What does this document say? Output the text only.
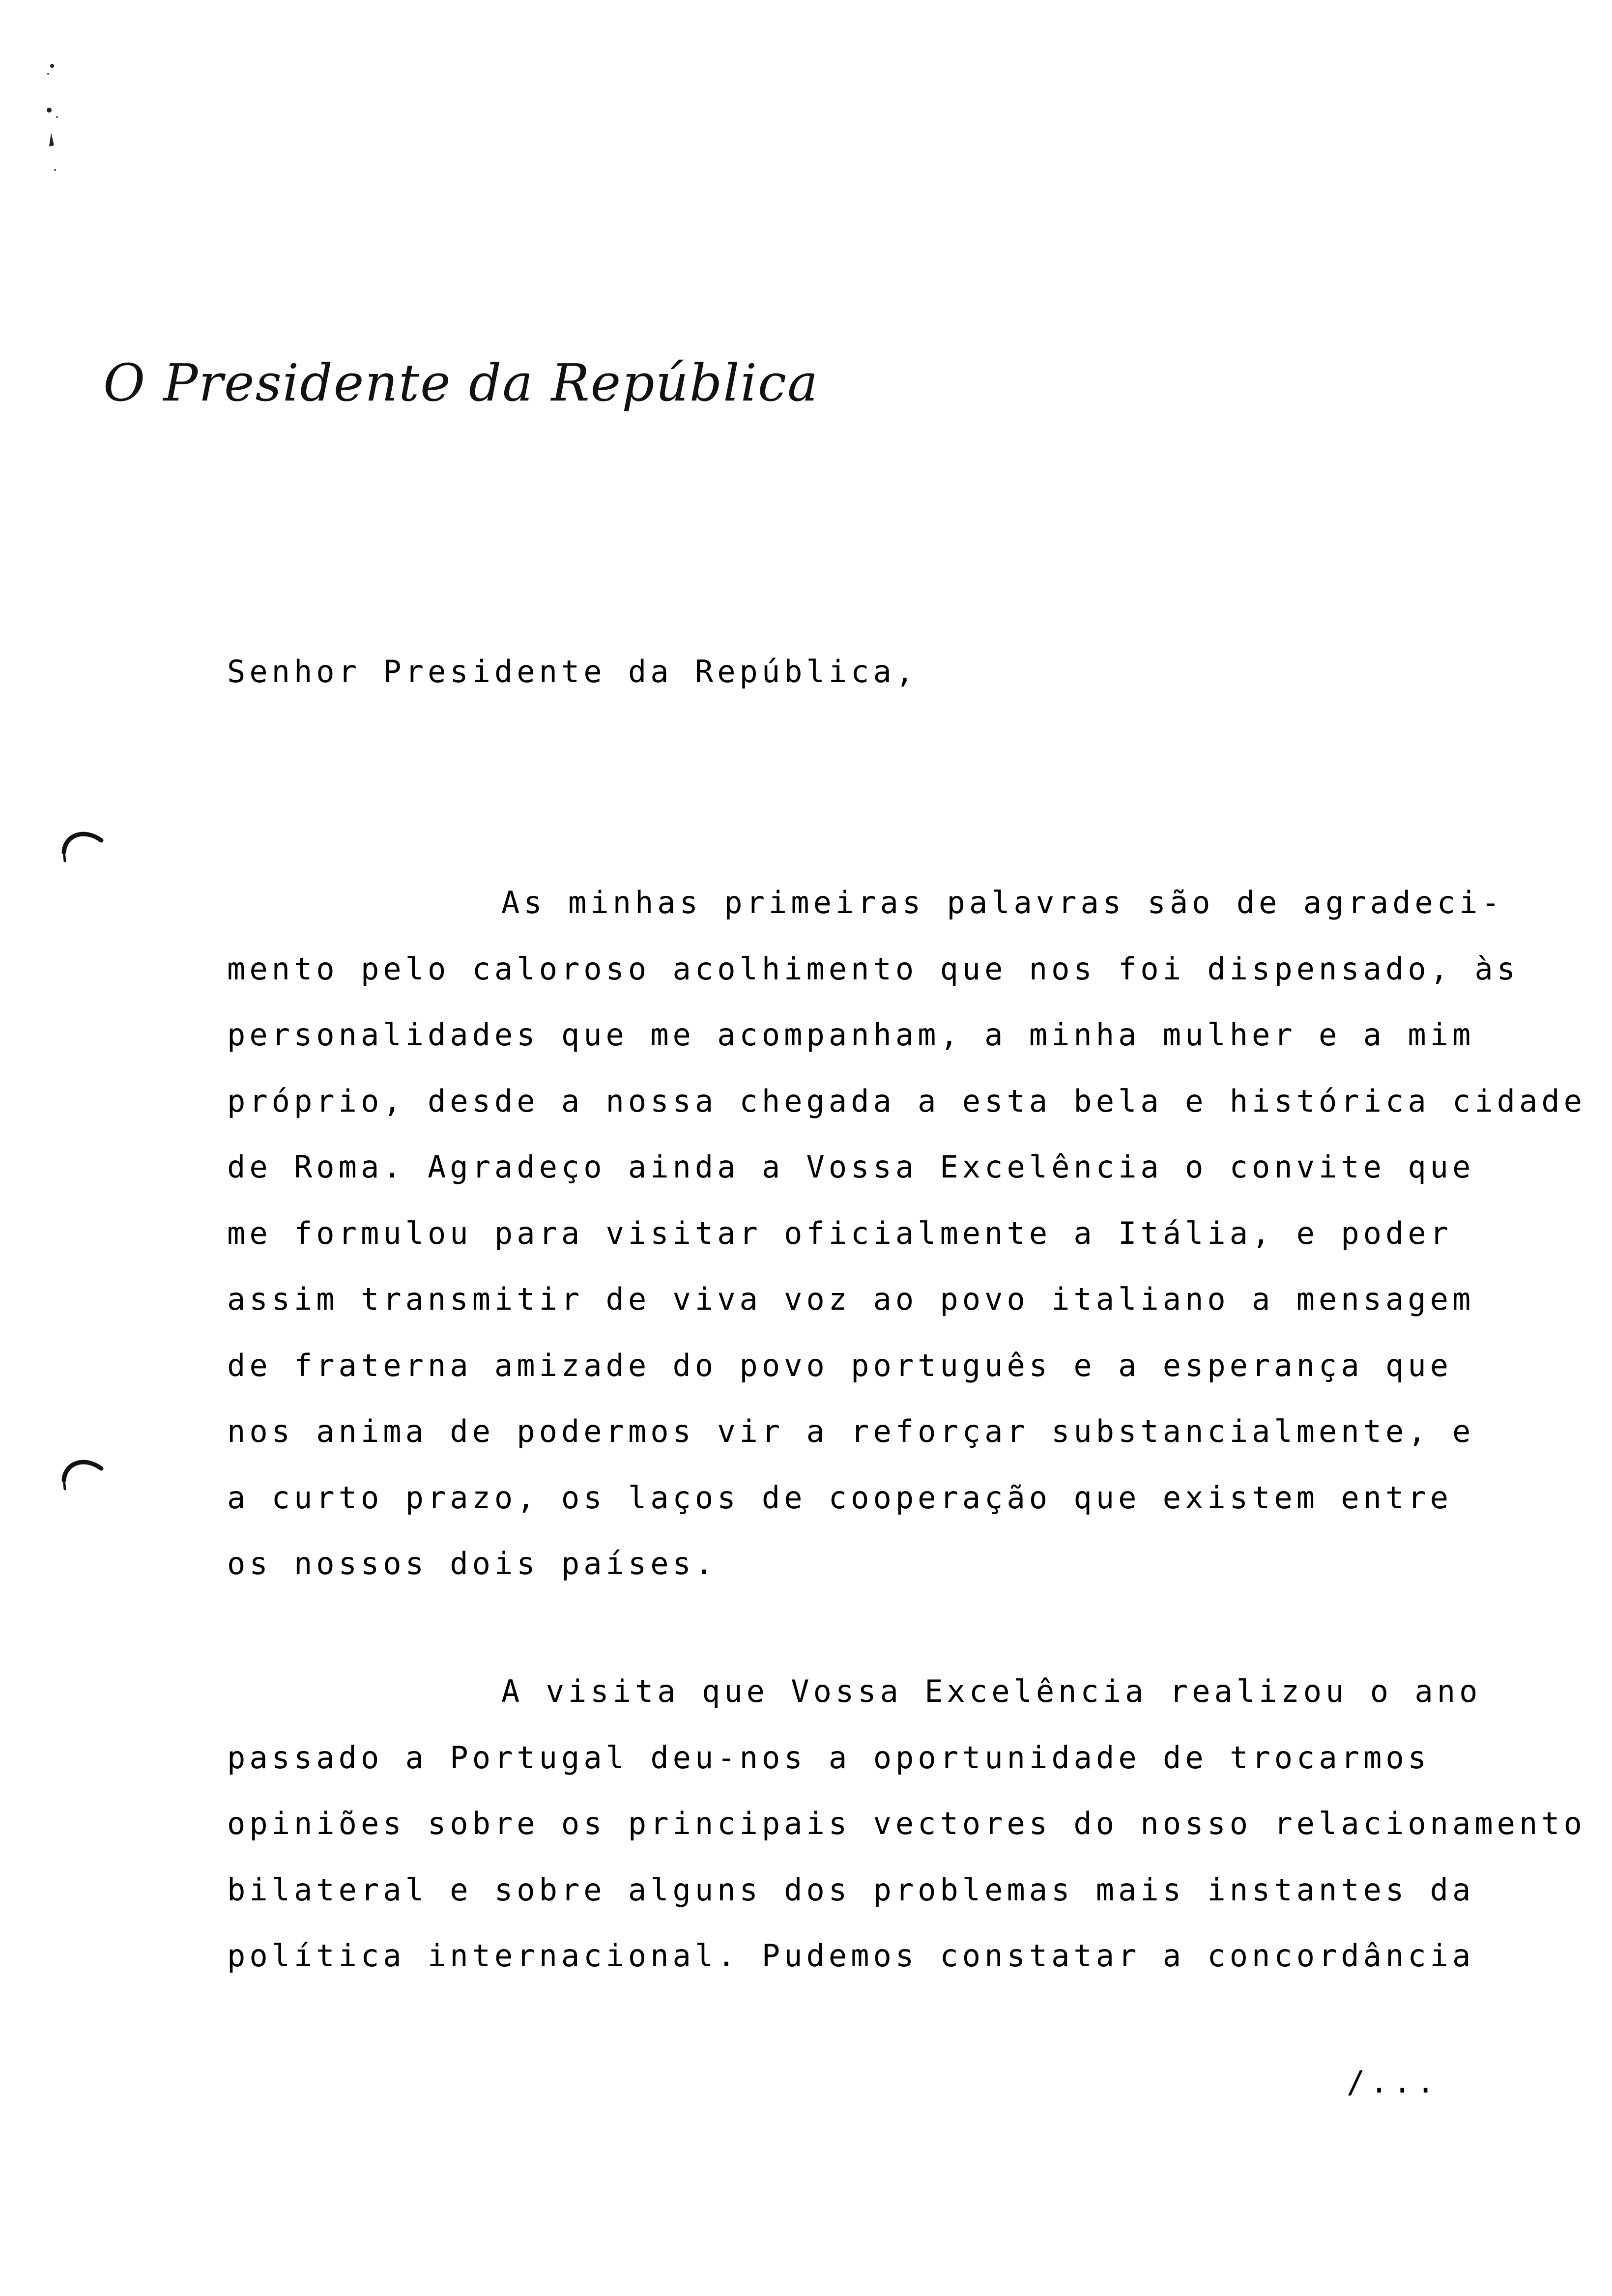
O Presidente da República
Senhor Presidente da República,
As minhas primeiras palavras são de agradeci-
mento pelo caloroso acolhimento que nos foi dispensado, às
personalidades que me acompanham, a minha mulher e a mim
próprio, desde a nossa chegada a esta bela e histórica cidade
de Roma. Agradeço ainda a Vossa Excelência o convite que
me formulou para visitar oficialmente a Itália, e poder
assim transmitir de viva voz ao povo italiano a mensagem
de fraterna amizade do povo português e a esperança que
nos anima de podermos vir a reforçar substancialmente, e
a curto prazo, os laços de cooperação que existem entre
os nossos dois países.
A visita que Vossa Excelência realizou o ano
passado a Portugal deu-nos a oportunidade de trocarmos
opiniões sobre os principais vectores do nosso relacionamento
bilateral e sobre alguns dos problemas mais instantes da
política internacional. Pudemos constatar a concordância
/...
